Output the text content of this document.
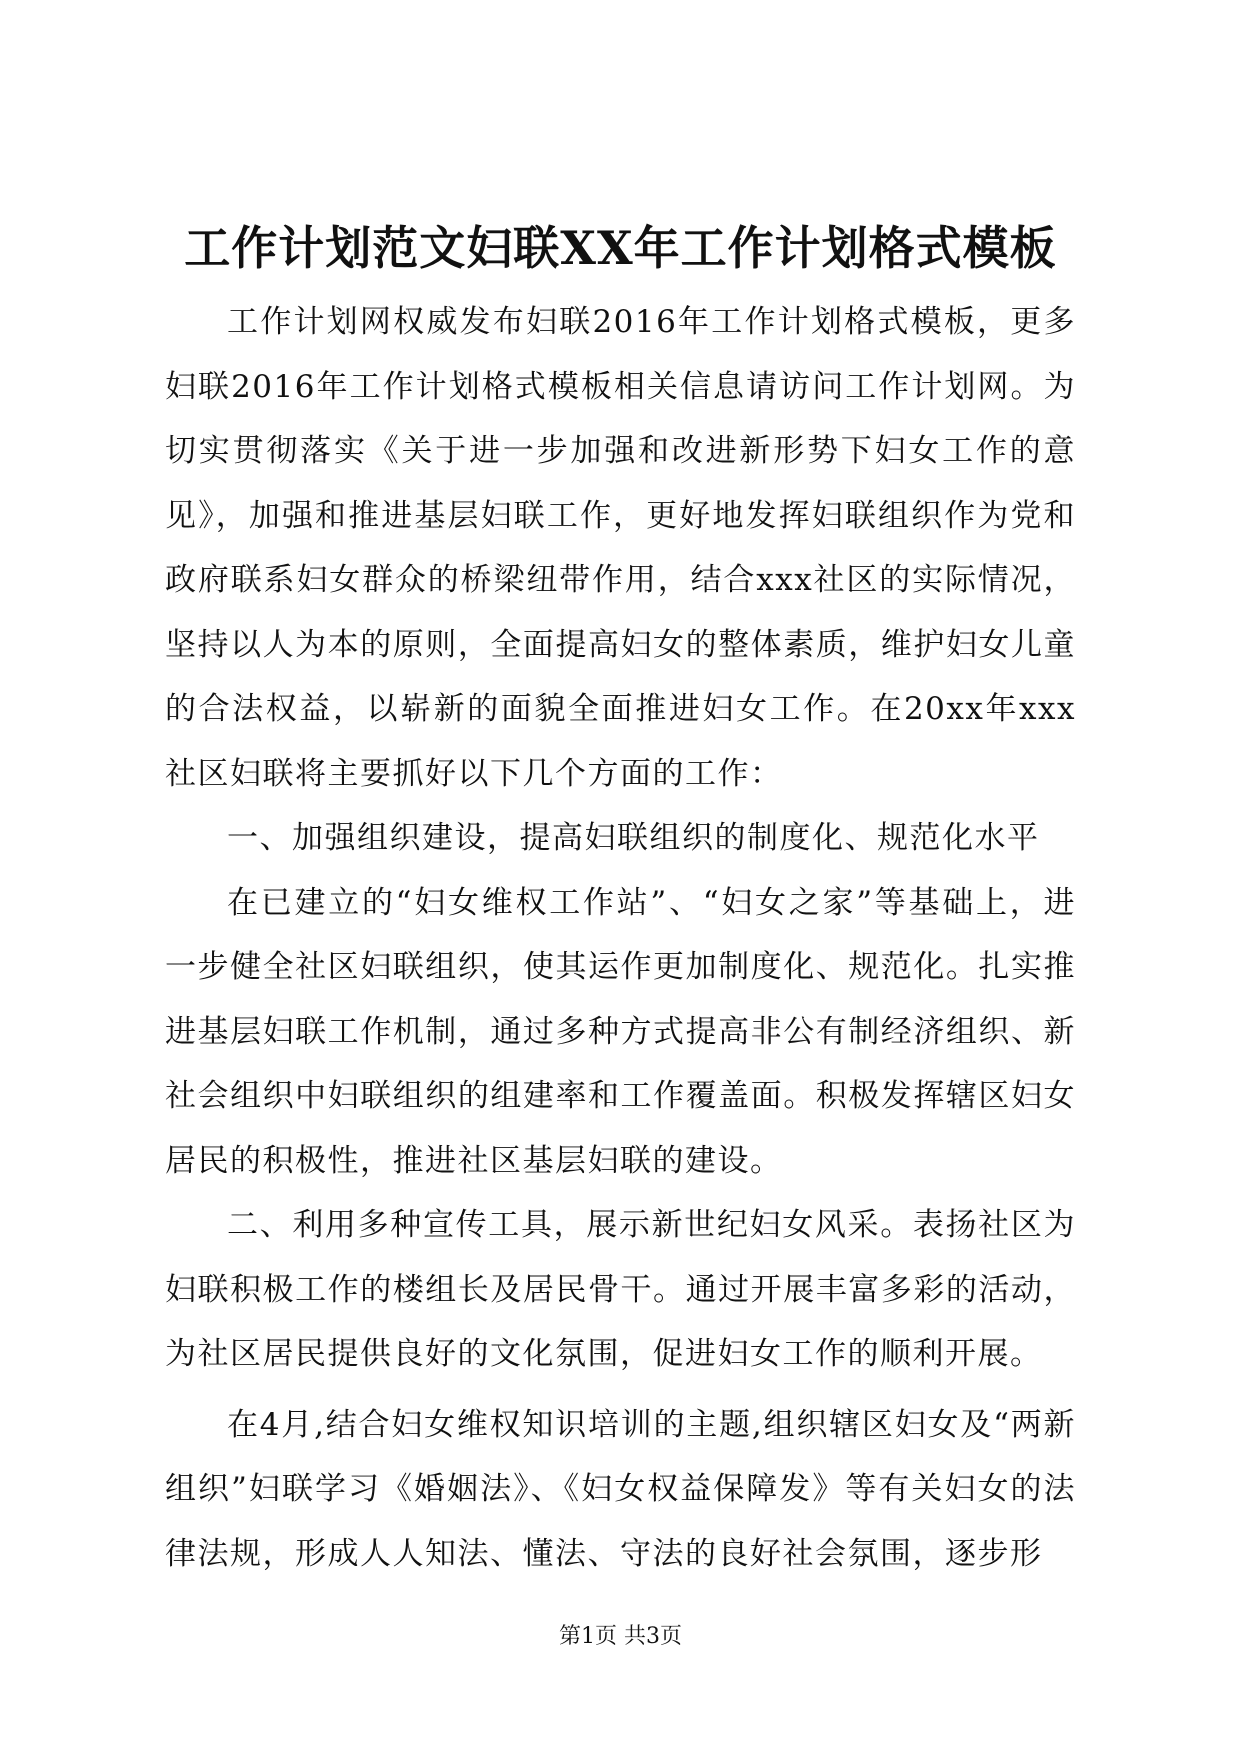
工作计划范文妇联XX年工作计划格式模板

工作计划网权威发布妇联2016年工作计划格式模板，更多妇联2016年工作计划格式模板相关信息请访问工作计划网。为切实贯彻落实《关于进一步加强和改进新形势下妇女工作的意见》，加强和推进基层妇联工作，更好地发挥妇联组织作为党和政府联系妇女群众的桥梁纽带作用，结合xxx社区的实际情况，坚持以人为本的原则，全面提高妇女的整体素质，维护妇女儿童的合法权益，以崭新的面貌全面推进妇女工作。在20xx年xxx社区妇联将主要抓好以下几个方面的工作：

一、加强组织建设，提高妇联组织的制度化、规范化水平

在已建立的“妇女维权工作站”、“妇女之家”等基础上，进一步健全社区妇联组织，使其运作更加制度化、规范化。扎实推进基层妇联工作机制，通过多种方式提高非公有制经济组织、新社会组织中妇联组织的组建率和工作覆盖面。积极发挥辖区妇女居民的积极性，推进社区基层妇联的建设。

二、利用多种宣传工具，展示新世纪妇女风采。表扬社区为妇联积极工作的楼组长及居民骨干。通过开展丰富多彩的活动，为社区居民提供良好的文化氛围，促进妇女工作的顺利开展。

在4月,结合妇女维权知识培训的主题,组织辖区妇女及“两新组织”妇联学习《婚姻法》、《妇女权益保障发》等有关妇女的法律法规，形成人人知法、懂法、守法的良好社会氛围，逐步形

第1页 共3页
